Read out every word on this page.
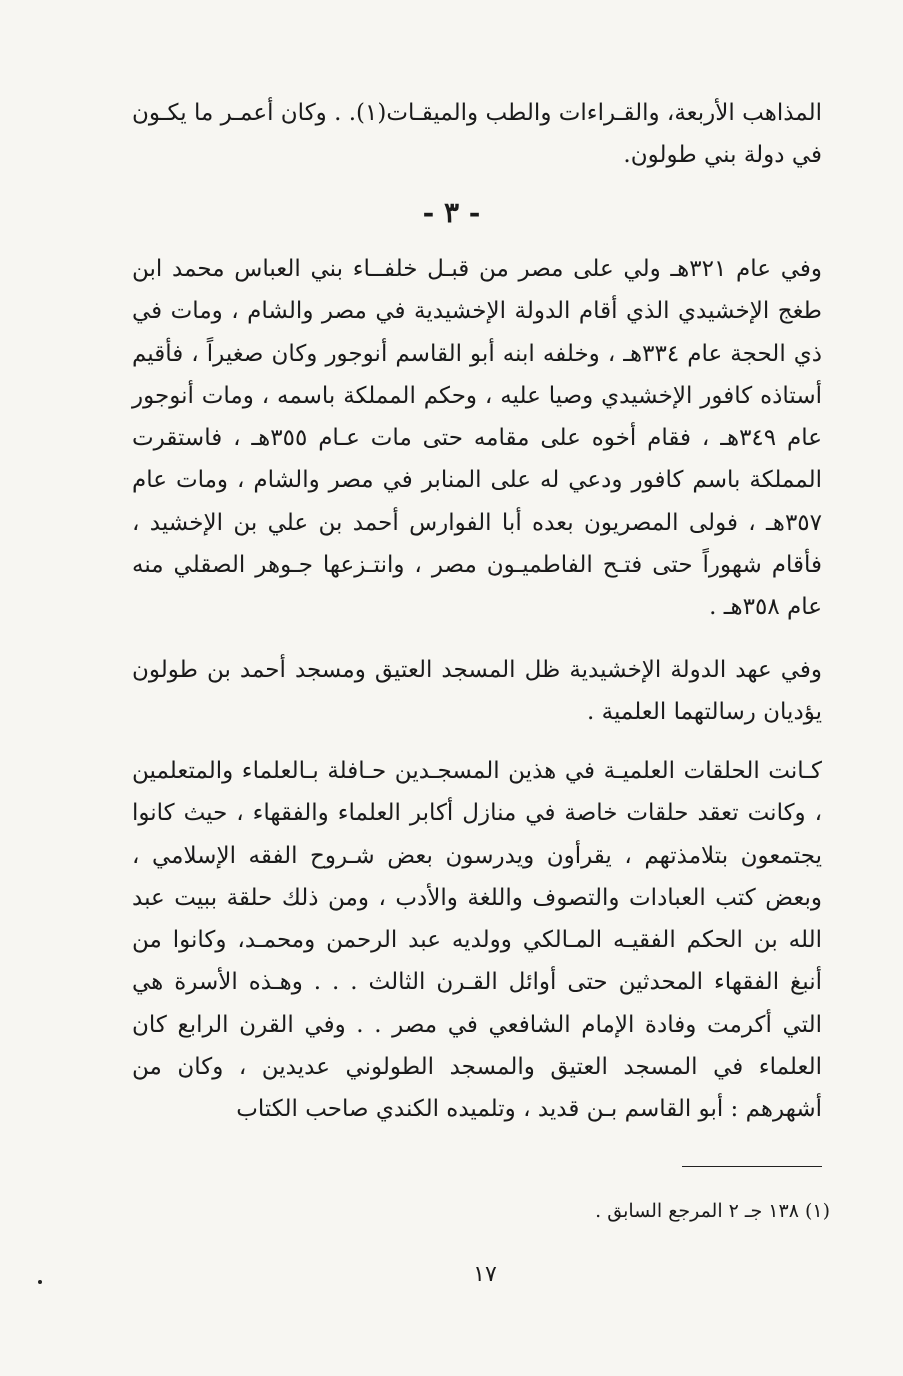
المذاهب الأربعة، والقـراءات والطب والميقـات(١). . وكان أعمـر ما يكـون في دولة بني طولون.

- ٣ -

وفي عام ٣٢١هـ ولي على مصر من قبـل خلفــاء بني العباس محمد ابن طغج الإخشيدي الذي أقام الدولة الإخشيدية في مصر والشام ، ومات في ذي الحجة عام ٣٣٤هـ ، وخلفه ابنه أبو القاسم أنوجور وكان صغيراً ، فأقيم أستاذه كافور الإخشيدي وصيا عليه ، وحكم المملكة باسمه ، ومات أنوجور عام ٣٤٩هـ ، فقام أخوه على مقامه حتى مات عـام ٣٥٥هـ ، فاستقرت المملكة باسم كافور ودعي له على المنابر في مصر والشام ، ومات عام ٣٥٧هـ ، فولى المصريون بعده أبا الفوارس أحمد بن علي بن الإخشيد ، فأقام شهوراً حتى فتـح الفاطميـون مصر ، وانتـزعها جـوهر الصقلي منه عام ٣٥٨هـ .

وفي عهد الدولة الإخشيدية ظل المسجد العتيق ومسجد أحمد بن طولون يؤديان رسالتهما العلمية .

كـانت الحلقات العلميـة في هذين المسجـدين حـافلة بـالعلماء والمتعلمين ، وكانت تعقد حلقات خاصة في منازل أكابر العلماء والفقهاء ، حيث كانوا يجتمعون بتلامذتهم ، يقرأون ويدرسون بعض شـروح الفقه الإسلامي ، وبعض كتب العبادات والتصوف واللغة والأدب ، ومن ذلك حلقة ببيت عبد الله بن الحكم الفقيـه المـالكي وولديه عبد الرحمن ومحمـد، وكانوا من أنبغ الفقهاء المحدثين حتى أوائل القـرن الثالث . . . وهـذه الأسرة هي التي أكرمت وفادة الإمام الشافعي في مصر . . وفي القرن الرابع كان العلماء في المسجد العتيق والمسجد الطولوني عديدين ، وكان من أشهرهم : أبو القاسم بـن قديد ، وتلميده الكندي صاحب الكتاب

(١) ١٣٨ جـ ٢ المرجع السابق .
١٧
